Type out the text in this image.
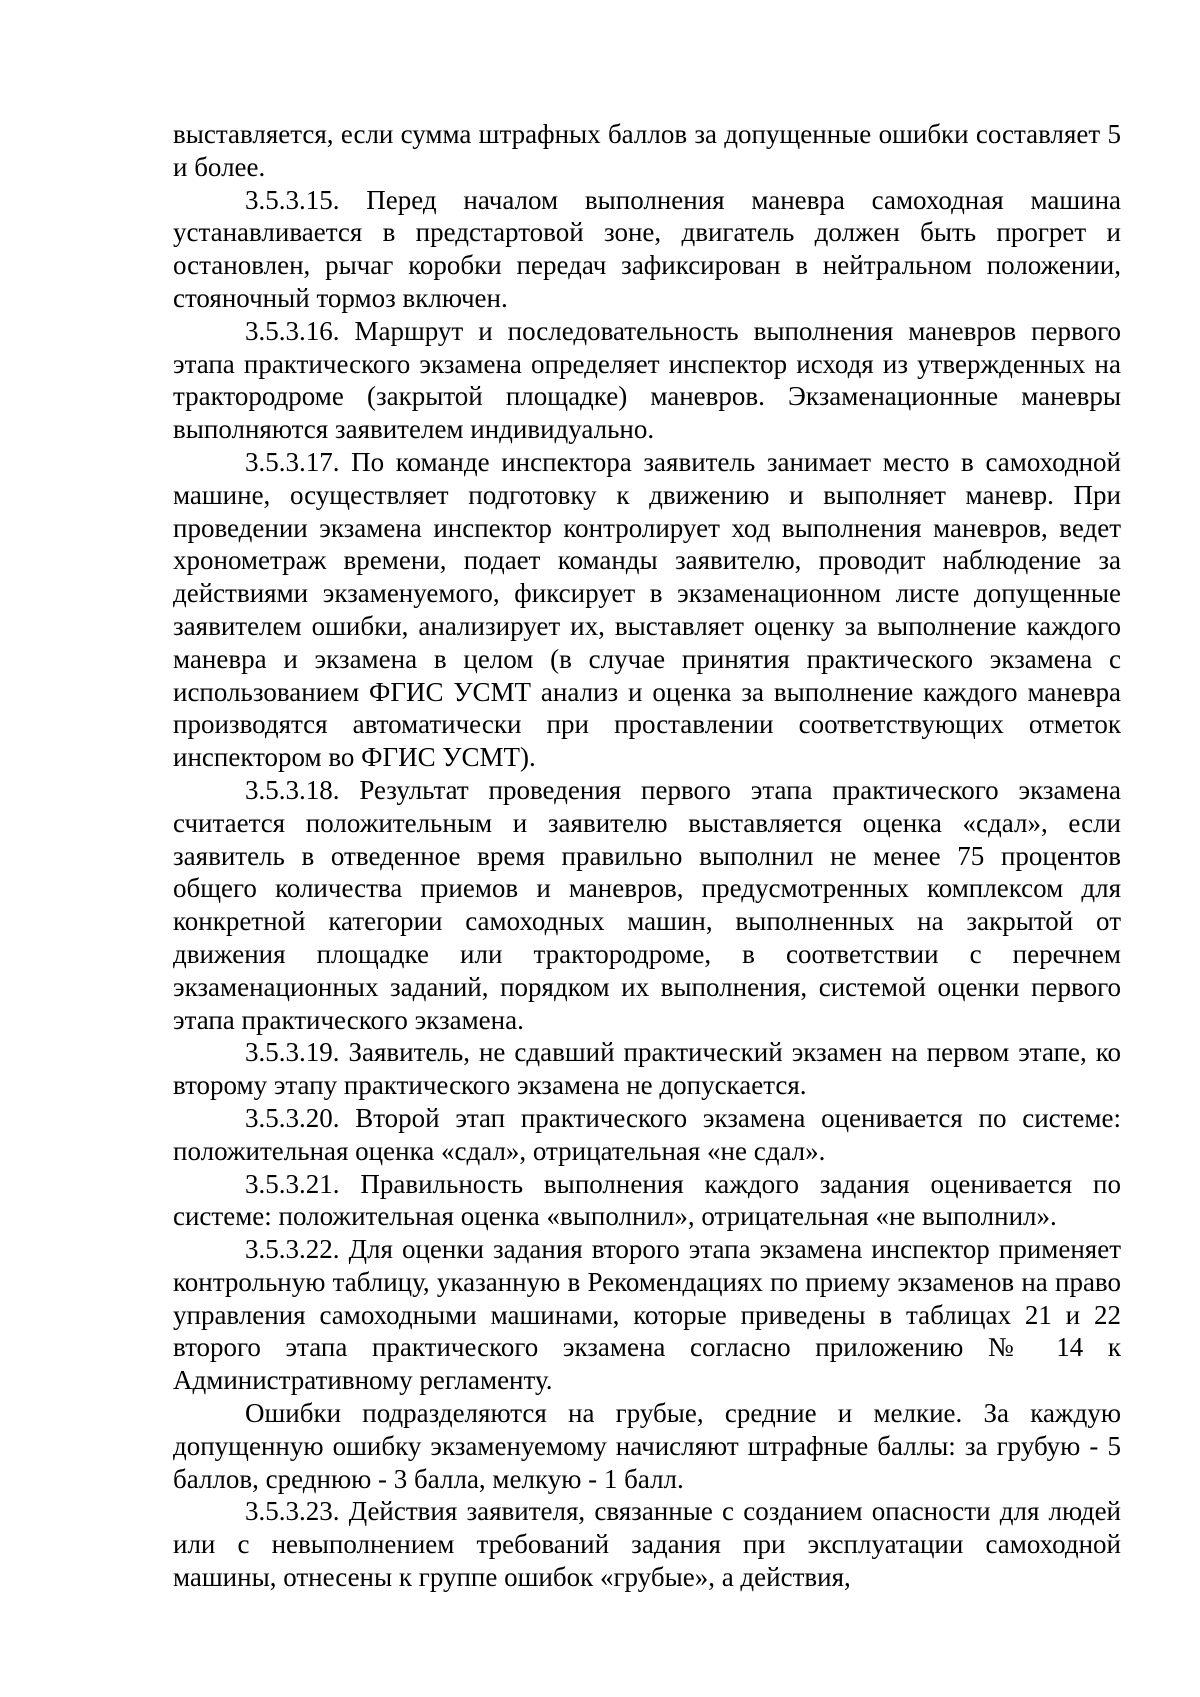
выставляется, если сумма штрафных баллов за допущенные ошибки составляет 5 и более.

3.5.3.15. Перед началом выполнения маневра самоходная машина устанавливается в предстартовой зоне, двигатель должен быть прогрет и остановлен, рычаг коробки передач зафиксирован в нейтральном положении, стояночный тормоз включен.

3.5.3.16. Маршрут и последовательность выполнения маневров первого этапа практического экзамена определяет инспектор исходя из утвержденных на трактородроме (закрытой площадке) маневров. Экзаменационные маневры выполняются заявителем индивидуально.

3.5.3.17. По команде инспектора заявитель занимает место в самоходной машине, осуществляет подготовку к движению и выполняет маневр. При проведении экзамена инспектор контролирует ход выполнения маневров, ведет хронометраж времени, подает команды заявителю, проводит наблюдение за действиями экзаменуемого, фиксирует в экзаменационном листе допущенные заявителем ошибки, анализирует их, выставляет оценку за выполнение каждого маневра и экзамена в целом (в случае принятия практического экзамена с использованием ФГИС УСМТ анализ и оценка за выполнение каждого маневра производятся автоматически при проставлении соответствующих отметок инспектором во ФГИС УСМТ).

3.5.3.18. Результат проведения первого этапа практического экзамена считается положительным и заявителю выставляется оценка «сдал», если заявитель в отведенное время правильно выполнил не менее 75 процентов общего количества приемов и маневров, предусмотренных комплексом для конкретной категории самоходных машин, выполненных на закрытой от движения площадке или трактородроме, в соответствии с перечнем экзаменационных заданий, порядком их выполнения, системой оценки первого этапа практического экзамена.

3.5.3.19. Заявитель, не сдавший практический экзамен на первом этапе, ко второму этапу практического экзамена не допускается.

3.5.3.20. Второй этап практического экзамена оценивается по системе: положительная оценка «сдал», отрицательная «не сдал».

3.5.3.21. Правильность выполнения каждого задания оценивается по системе: положительная оценка «выполнил», отрицательная «не выполнил».

3.5.3.22. Для оценки задания второго этапа экзамена инспектор применяет контрольную таблицу, указанную в Рекомендациях по приему экзаменов на право управления самоходными машинами, которые приведены в таблицах 21 и 22 второго этапа практического экзамена согласно приложению № 14 к Административному регламенту.

Ошибки подразделяются на грубые, средние и мелкие. За каждую допущенную ошибку экзаменуемому начисляют штрафные баллы: за грубую - 5 баллов, среднюю - 3 балла, мелкую - 1 балл.

3.5.3.23. Действия заявителя, связанные с созданием опасности для людей или с невыполнением требований задания при эксплуатации самоходной машины, отнесены к группе ошибок «грубые», а действия,
